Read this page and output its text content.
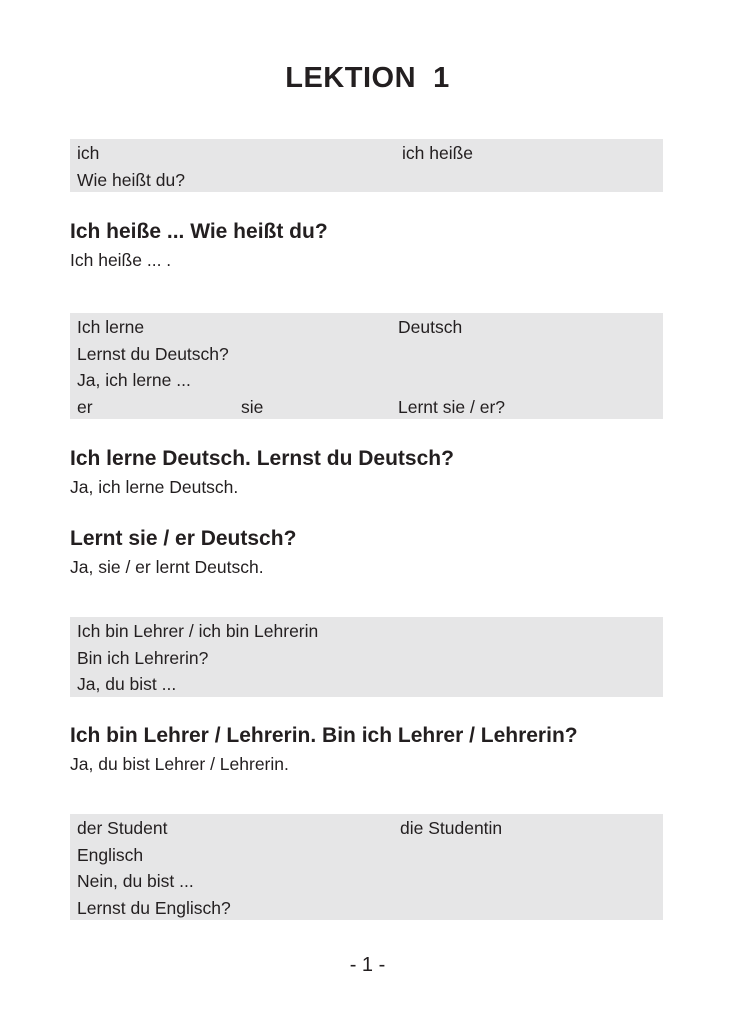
LEKTION  1
ich	ich heiße
Wie heißt du?
Ich heiße ... Wie heißt du?
Ich heiße ... .
Ich lerne	Deutsch
Lernst du Deutsch?
Ja, ich lerne ...
er	sie	Lernt sie / er?
Ich lerne Deutsch. Lernst du Deutsch?
Ja, ich lerne Deutsch.
Lernt sie / er Deutsch?
Ja, sie / er lernt Deutsch.
Ich bin Lehrer / ich bin Lehrerin
Bin ich Lehrerin?
Ja, du bist ...
Ich bin Lehrer / Lehrerin. Bin ich Lehrer / Lehrerin?
Ja, du bist Lehrer / Lehrerin.
der Student	die Studentin
Englisch
Nein, du bist ...
Lernst du Englisch?
- 1 -
